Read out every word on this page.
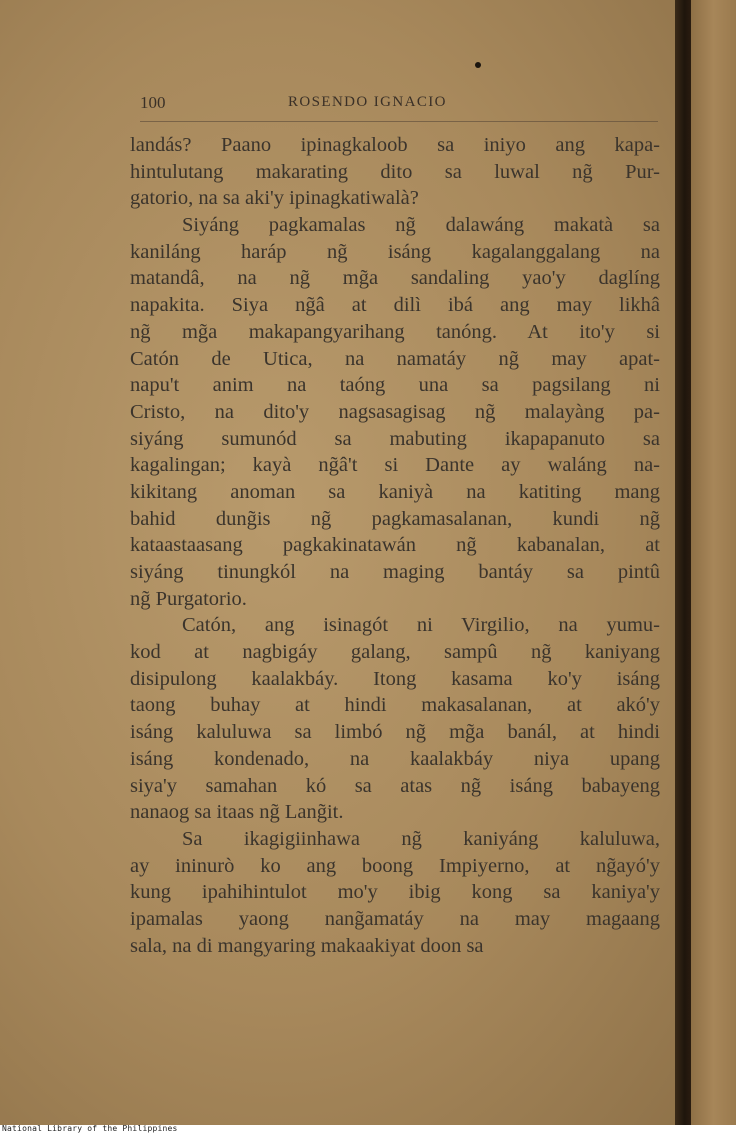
100	ROSENDO IGNACIO
landás? Paano ipinagkaloob sa iniyo ang kapa-
hintulutang makarating dito sa luwal ng̃ Pur-
gatorio, na sa aki'y ipinagkatiwalà?
Siyáng pagkamalas ng̃ dalawáng makatà sa
kaniláng haráp ng̃ isáng kagalanggalang na
matandâ, na ng̃ mg̃a sandaling yao'y daglíng
napakita. Siya ng̃â at dilì ibá ang may likhâ
ng̃ mg̃a makapangyarihang tanóng. At ito'y si
Catón de Utica, na namatáy ng̃ may apat-
napu't anim na taóng una sa pagsilang ni
Cristo, na dito'y nagsasagisag ng̃ malayàng pa-
siyáng sumunód sa mabuting ikapapanuto sa
kagalingan; kayà ng̃â't si Dante ay waláng na-
kikitang anoman sa kaniyà na katiting mang
bahid dung̃is ng̃ pagkamasalanan, kundi ng̃
kataastaasang pagkakinatawán ng̃ kabanalan, at
siyáng tinungkól na maging bantáy sa pintû
ng̃ Purgatorio.
Catón, ang isinagót ni Virgilio, na yumu-
kod at nagbigáy galang, sampû ng̃ kaniyang
disipulong kaalakbáy. Itong kasama ko'y isáng
taong buhay at hindi makasalanan, at akó'y
isáng kaluluwa sa limbó ng̃ mg̃a banál, at hindi
isáng kondenado, na kaalakbáy niya upang
siya'y samahan kó sa atas ng̃ isáng babayeng
nanaog sa itaas ng̃ Lang̃it.
Sa ikagigiinhawa ng̃ kaniyáng kaluluwa,
ay ininurò ko ang boong Impiyerno, at ng̃ayó'y
kung ipahihintulot mo'y ibig kong sa kaniya'y
ipamalas yaong nang̃amatáy na may magaang
sala, na di mangyaring makaakiyat doon sa
National Library of the Philippines
